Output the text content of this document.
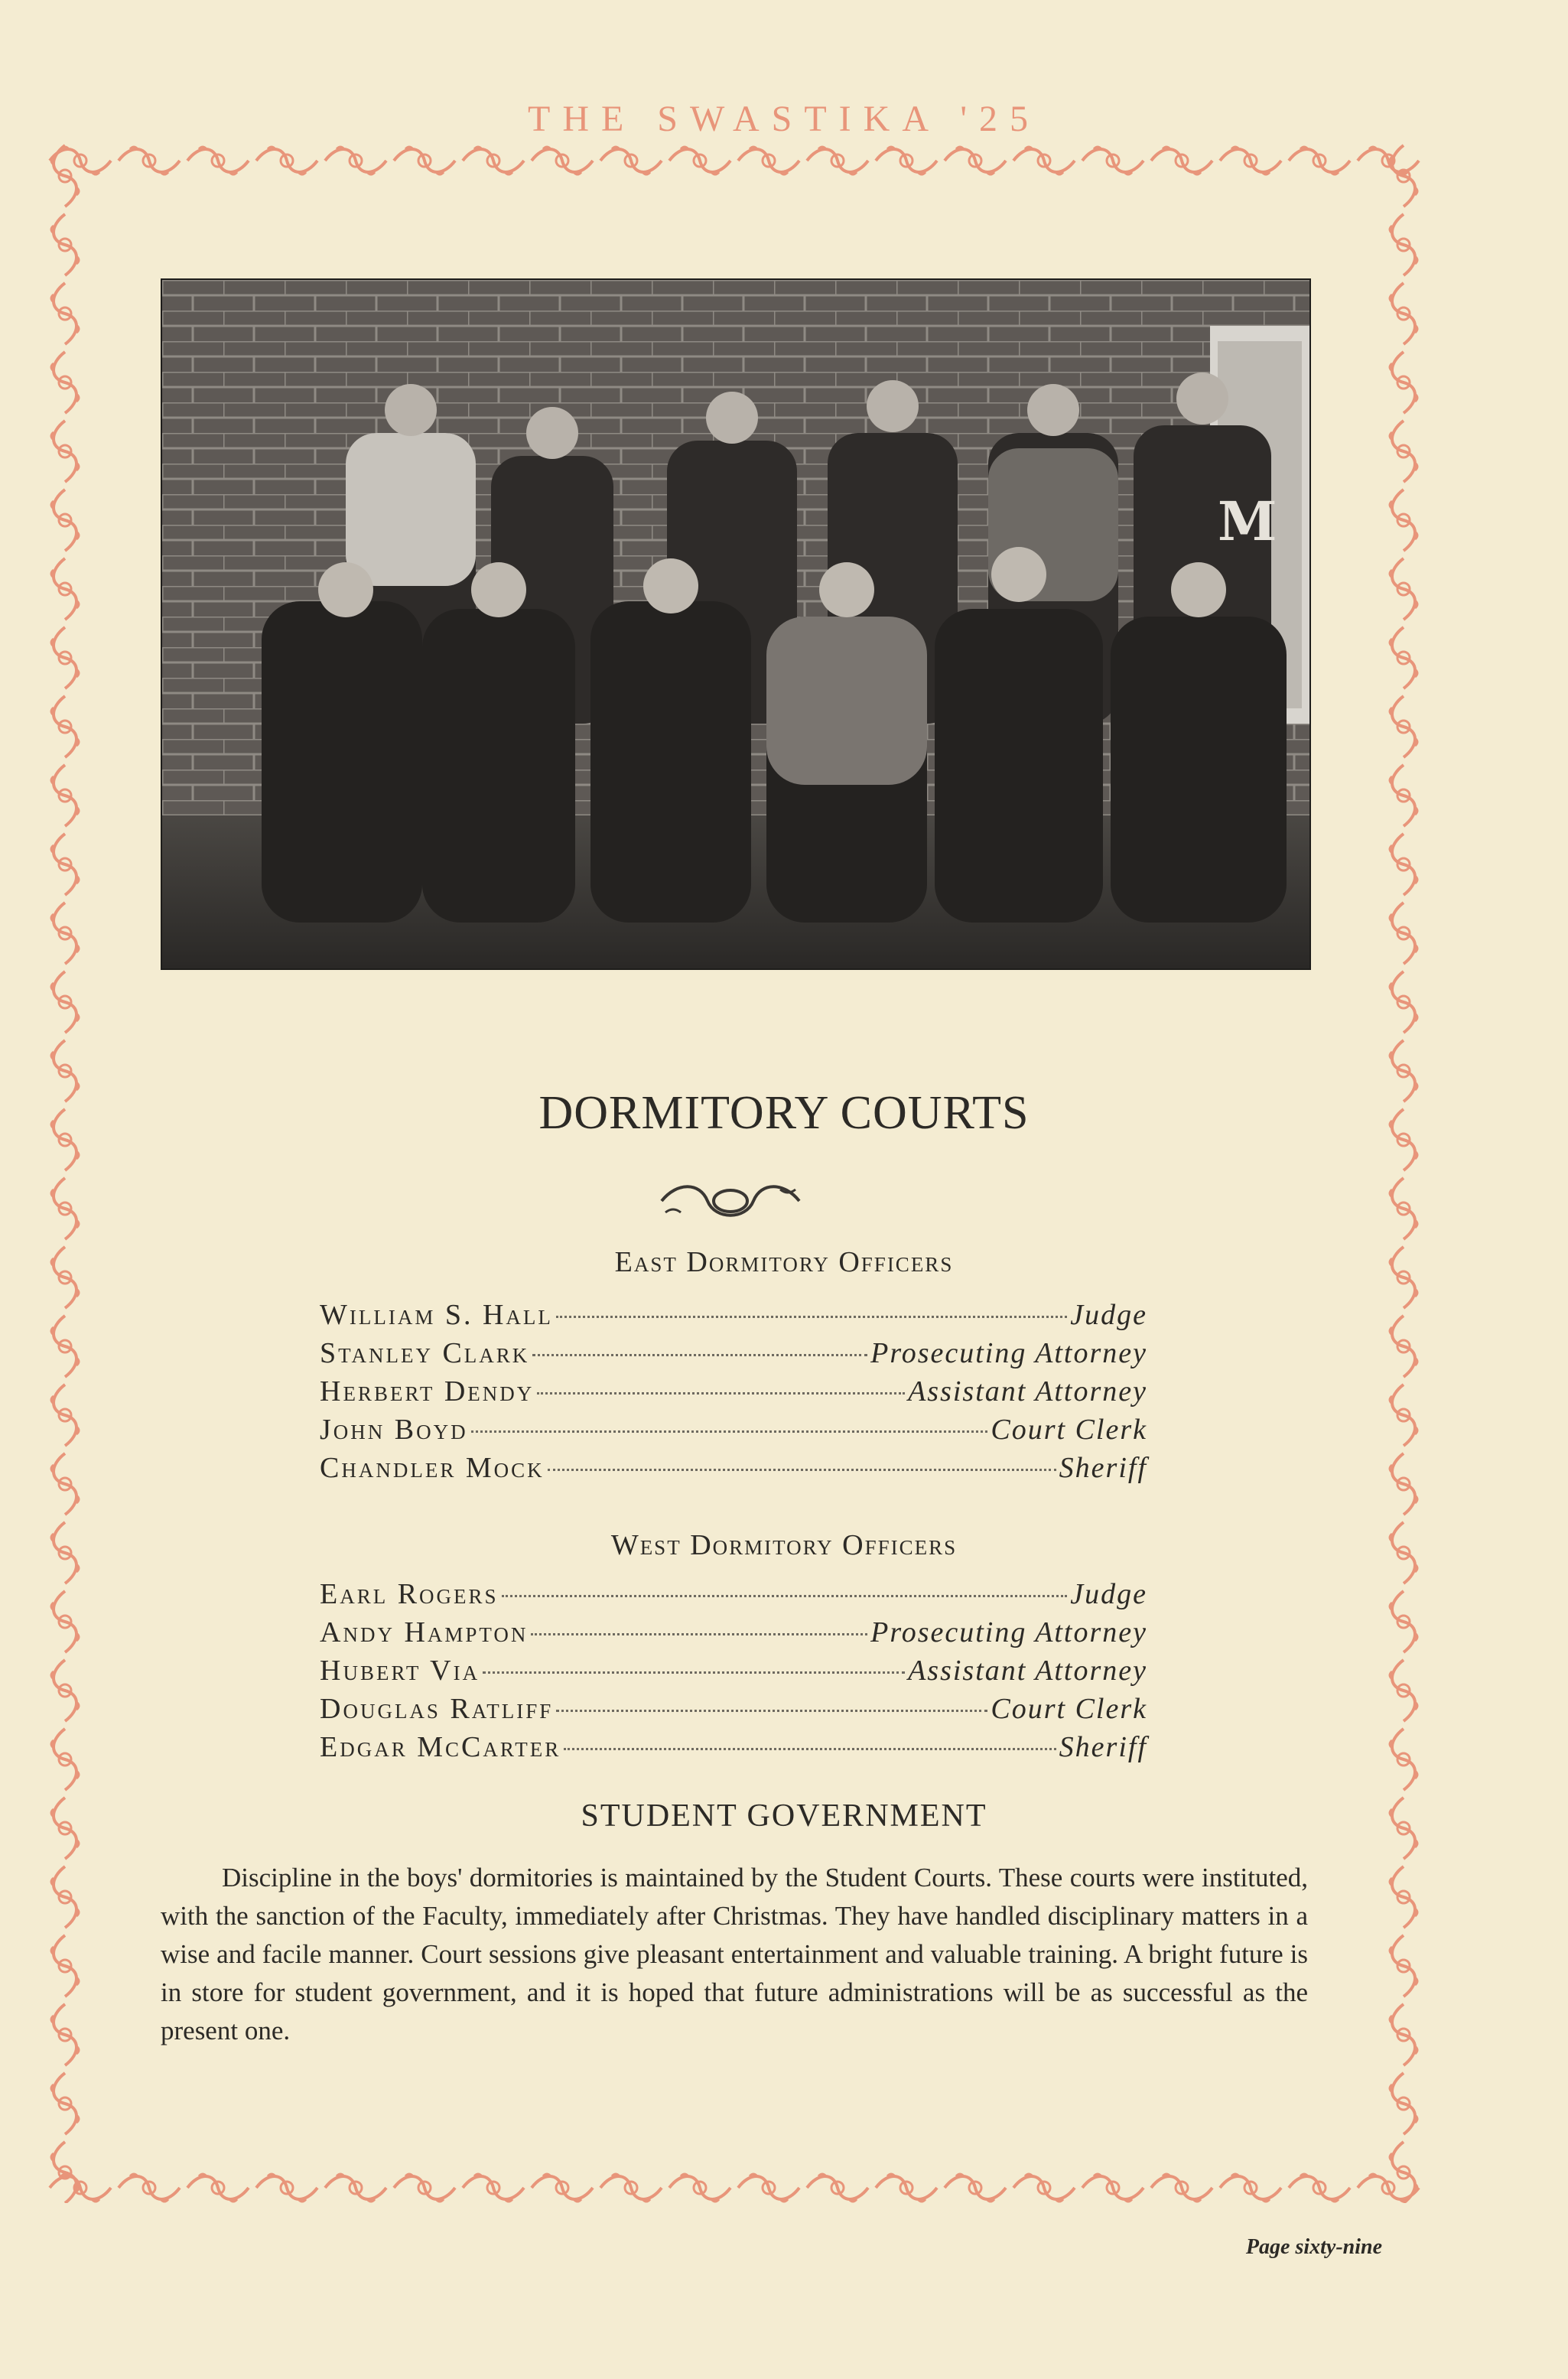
THE SWASTIKA '25
M
DORMITORY COURTS
East Dormitory Officers
William S. Hall	Judge
Stanley Clark	Prosecuting Attorney
Herbert Dendy	Assistant Attorney
John Boyd	Court Clerk
Chandler Mock	Sheriff
West Dormitory Officers
Earl Rogers	Judge
Andy Hampton	Prosecuting Attorney
Hubert Via	Assistant Attorney
Douglas Ratliff	Court Clerk
Edgar McCarter	Sheriff
STUDENT GOVERNMENT
Discipline in the boys' dormitories is maintained by the Student Courts. These courts were instituted, with the sanction of the Faculty, immediately after Christmas. They have handled disciplinary matters in a wise and facile manner. Court sessions give pleasant entertainment and valuable training. A bright future is in store for student government, and it is hoped that future administrations will be as successful as the present one.
Page sixty-nine
